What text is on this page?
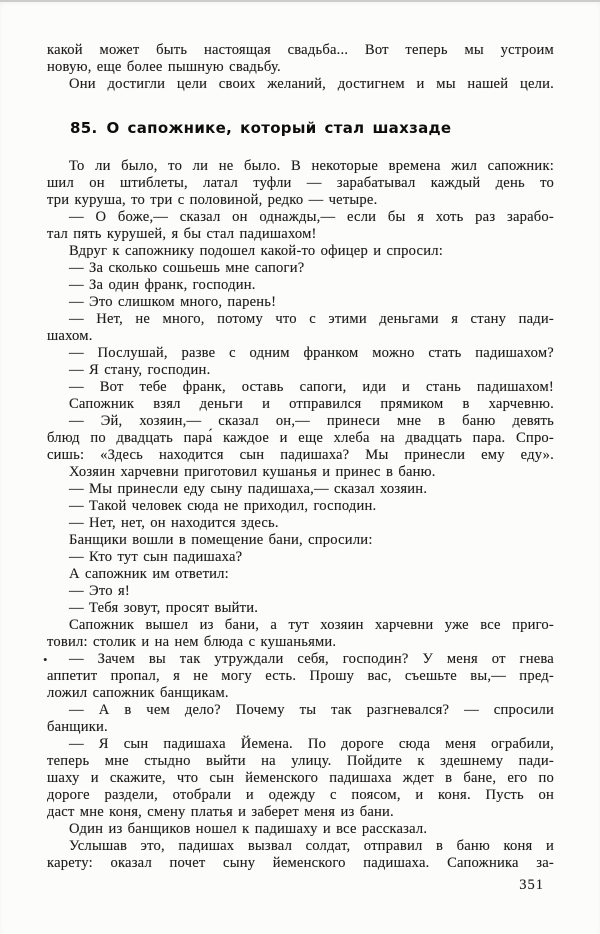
какой может быть настоящая свадьба... Вот теперь мы устроим
новую, еще более пышную свадьбу.
Они достигли цели своих желаний, достигнем и мы нашей цели.
85. О сапожнике, который стал шахзаде
То ли было, то ли не было. В некоторые времена жил сапожник:
шил он штиблеты, латал туфли — зарабатывал каждый день то
три куруша, то три с половиной, редко — четыре.
— О боже,— сказал он однажды,— если бы я хоть раз зарабо-
тал пять курушей, я бы стал падишахом!
Вдруг к сапожнику подошел какой-то офицер и спросил:
— За сколько сошьешь мне сапоги?
— За один франк, господин.
— Это слишком много, парень!
— Нет, не много, потому что с этими деньгами я стану пади-
шахом.
— Послушай, разве с одним франком можно стать падишахом?
— Я стану, господин.
— Вот тебе франк, оставь сапоги, иди и стань падишахом!
Сапожник взял деньги и отправился прямиком в харчевню.
— Эй, хозяин,— сказал он,— принеси мне в баню девять
блюд по двадцать пара́ каждое и еще хлеба на двадцать пара. Спро-
сишь: «Здесь находится сын падишаха? Мы принесли ему еду».
Хозяин харчевни приготовил кушанья и принес в баню.
— Мы принесли еду сыну падишаха,— сказал хозяин.
— Такой человек сюда не приходил, господин.
— Нет, нет, он находится здесь.
Банщики вошли в помещение бани, спросили:
— Кто тут сын падишаха?
А сапожник им ответил:
— Это я!
— Тебя зовут, просят выйти.
Сапожник вышел из бани, а тут хозяин харчевни уже все приго-
товил: столик и на нем блюда с кушаньями.
— Зачем вы так утруждали себя, господин? У меня от гнева
аппетит пропал, я не могу есть. Прошу вас, съешьте вы,— пред-
ложил сапожник банщикам.
— А в чем дело? Почему ты так разгневался? — спросили
банщики.
— Я сын падишаха Йемена. По дороге сюда меня ограбили,
теперь мне стыдно выйти на улицу. Пойдите к здешнему пади-
шаху и скажите, что сын йеменского падишаха ждет в бане, его по
дороге раздели, отобрали и одежду с поясом, и коня. Пусть он
даст мне коня, смену платья и заберет меня из бани.
Один из банщиков ношел к падишаху и все рассказал.
Услышав это, падишах вызвал солдат, отправил в баню коня и
карету: оказал почет сыну йеменского падишаха. Сапожника за-
•
351
